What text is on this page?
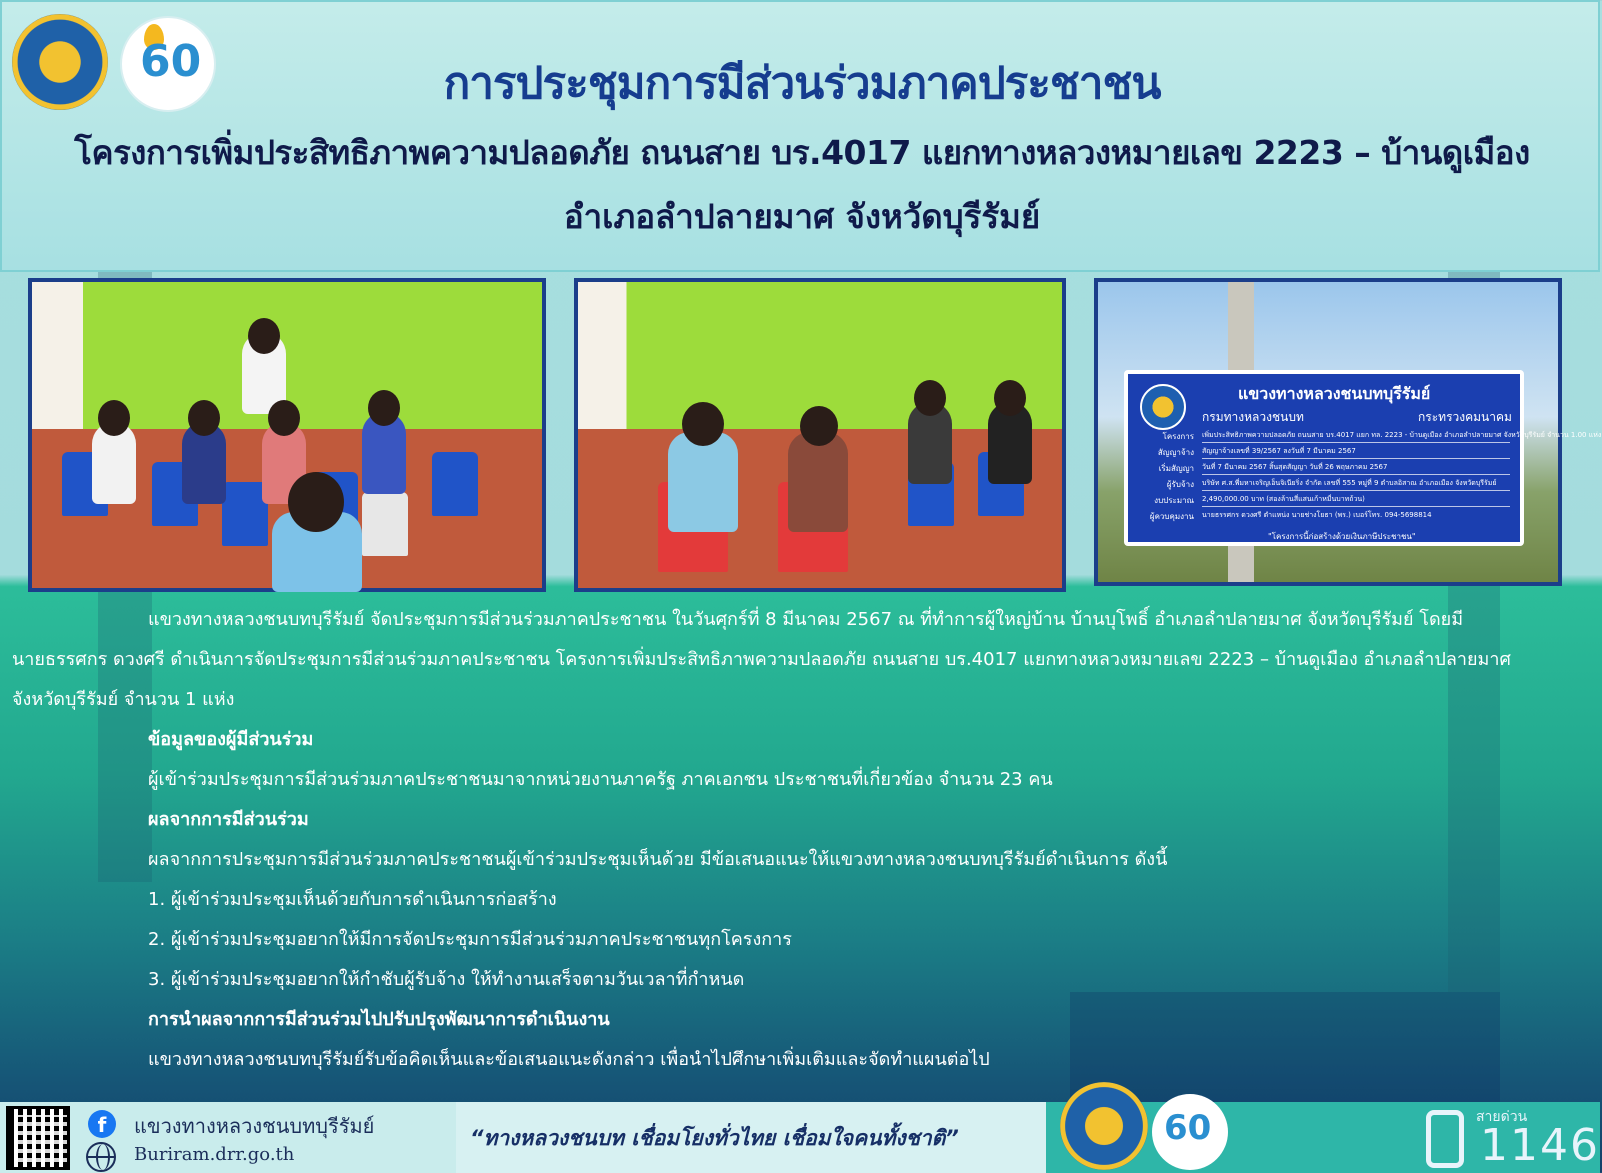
60	การประชุมการมีส่วนร่วมภาคประชาชน
โครงการเพิ่มประสิทธิภาพความปลอดภัย ถนนสาย บร.4017 แยกทางหลวงหมายเลข 2223 – บ้านดูเมือง
อำเภอลำปลายมาศ จังหวัดบุรีรัมย์
แขวงทางหลวงชนบทบุรีรัมย์
กรมทางหลวงชนบท	กระทรวงคมนาคม
โครงการ เพิ่มประสิทธิภาพความปลอดภัย ถนนสาย บร.4017 แยก ทล. 2223 - บ้านดูเมือง อำเภอลำปลายมาศ จังหวัดบุรีรัมย์ จำนวน 1.00 แห่ง
สัญญาจ้าง สัญญาจ้างเลขที่ 39/2567 ลงวันที่ 7 มีนาคม 2567
เริ่มสัญญา วันที่ 7 มีนาคม 2567 สิ้นสุดสัญญา วันที่ 26 พฤษภาคม 2567
ผู้รับจ้าง บริษัท ศ.ส.พี่มหาเจริญเอ็นจิเนียริ่ง จำกัด เลขที่ 555 หมู่ที่ 9 ตำบลอิสาณ อำเภอเมือง จังหวัดบุรีรัมย์
งบประมาณ 2,490,000.00 บาท (สองล้านสี่แสนเก้าหมื่นบาทถ้วน)
ผู้ควบคุมงาน นายธรรศกร ดวงศรี ตำแหน่ง นายช่างโยธา (พร.) เบอร์โทร. 094-5698814
"โครงการนี้ก่อสร้างด้วยเงินภาษีประชาชน"
แขวงทางหลวงชนบทบุรีรัมย์ จัดประชุมการมีส่วนร่วมภาคประชาชน ในวันศุกร์ที่ 8 มีนาคม 2567 ณ ที่ทำการผู้ใหญ่บ้าน บ้านบุโพธิ์ อำเภอลำปลายมาศ จังหวัดบุรีรัมย์ โดยมี
นายธรรศกร ดวงศรี ดำเนินการจัดประชุมการมีส่วนร่วมภาคประชาชน โครงการเพิ่มประสิทธิภาพความปลอดภัย ถนนสาย บร.4017 แยกทางหลวงหมายเลข 2223 – บ้านดูเมือง อำเภอลำปลายมาศ
จังหวัดบุรีรัมย์ จำนวน 1 แห่ง
ข้อมูลของผู้มีส่วนร่วม
ผู้เข้าร่วมประชุมการมีส่วนร่วมภาคประชาชนมาจากหน่วยงานภาครัฐ ภาคเอกชน ประชาชนที่เกี่ยวข้อง จำนวน 23 คน
ผลจากการมีส่วนร่วม
ผลจากการประชุมการมีส่วนร่วมภาคประชาชนผู้เข้าร่วมประชุมเห็นด้วย มีข้อเสนอแนะให้แขวงทางหลวงชนบทบุรีรัมย์ดำเนินการ ดังนี้
1. ผู้เข้าร่วมประชุมเห็นด้วยกับการดำเนินการก่อสร้าง
2. ผู้เข้าร่วมประชุมอยากให้มีการจัดประชุมการมีส่วนร่วมภาคประชาชนทุกโครงการ
3. ผู้เข้าร่วมประชุมอยากให้กำชับผู้รับจ้าง ให้ทำงานเสร็จตามวันเวลาที่กำหนด
การนำผลจากการมีส่วนร่วมไปปรับปรุงพัฒนาการดำเนินงาน
แขวงทางหลวงชนบทบุรีรัมย์รับข้อคิดเห็นและข้อเสนอแนะดังกล่าว เพื่อนำไปศึกษาเพิ่มเติมและจัดทำแผนต่อไป
f	แขวงทางหลวงชนบทบุรีรัมย์
Buriram.drr.go.th
“ทางหลวงชนบท เชื่อมโยงทั่วไทย เชื่อมใจคนทั้งชาติ”	60	สายด่วน
1146
